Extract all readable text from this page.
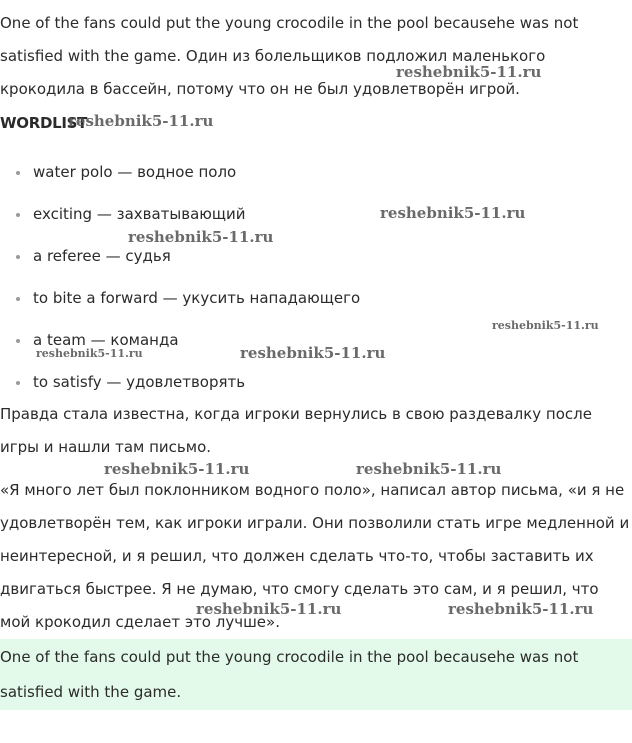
One of the fans could put the young crocodile in the pool becausehe was not satisfied with the game. Один из болельщиков подложил маленького крокодила в бассейн, потому что он не был удовлетворён игрой.

WORDLIST
water polo — водное поло
exciting — захватывающий
a referee — судья
to bite a forward — укусить нападающего
a team — команда
to satisfy — удовлетворять

Правда стала известна, когда игроки вернулись в свою раздевалку после игры и нашли там письмо.

«Я много лет был поклонником водного поло», написал автор письма, «и я не удовлетворён тем, как игроки играли. Они позволили стать игре медленной и неинтересной, и я решил, что должен сделать что-то, чтобы заставить их двигаться быстрее. Я не думаю, что смогу сделать это сам, и я решил, что мой крокодил сделает это лучше».

One of the fans could put the young crocodile in the pool becausehe was not satisfied with the game.

reshebnik5-11.ru
reshebnik5-11.ru
reshebnik5-11.ru
reshebnik5-11.ru
reshebnik5-11.ru
reshebnik5-11.ru	reshebnik5-11.ru
reshebnik5-11.ru	reshebnik5-11.ru
reshebnik5-11.ru	reshebnik5-11.ru
